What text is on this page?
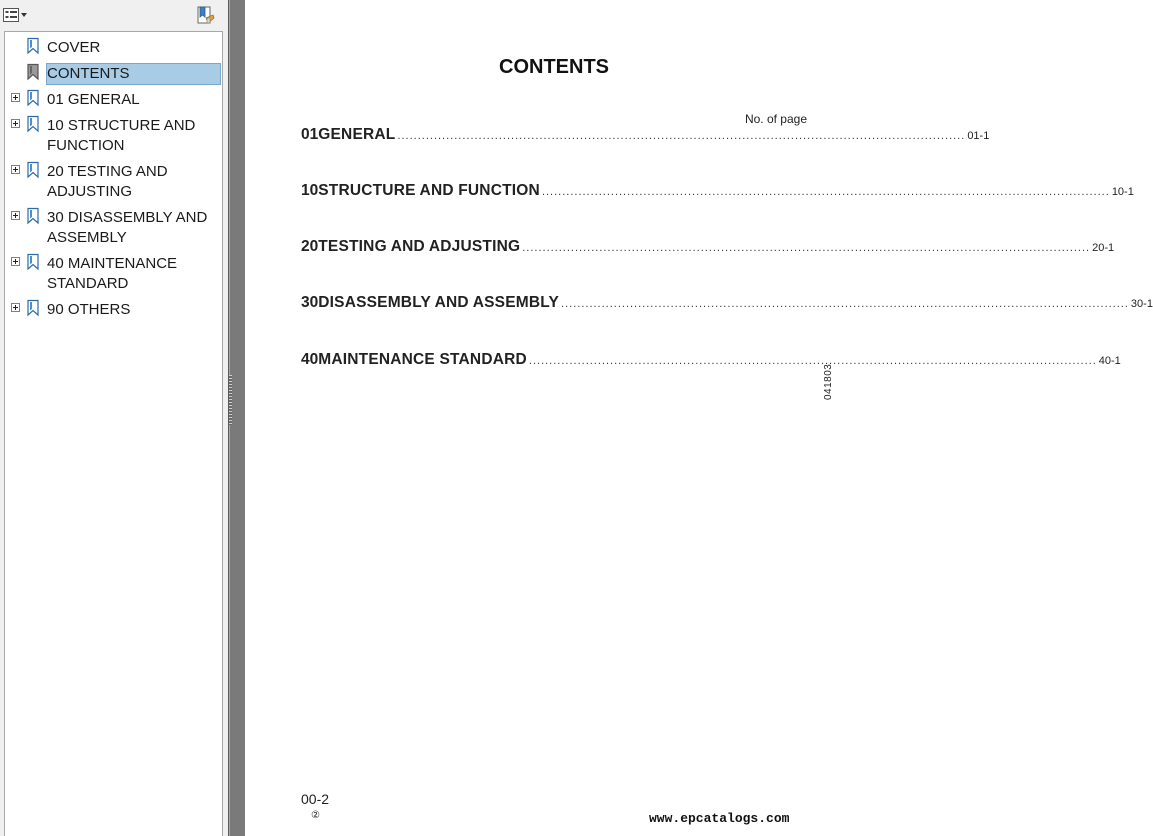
COVER
CONTENTS
01 GENERAL
10 STRUCTURE AND FUNCTION
20 TESTING AND ADJUSTING
30 DISASSEMBLY AND ASSEMBLY
40 MAINTENANCE STANDARD
90 OTHERS
CONTENTS
No. of page
01 GENERAL ............................................................................................................................................ 01-1
10 STRUCTURE AND FUNCTION ............................................................................................................................................ 10-1
20 TESTING AND ADJUSTING ............................................................................................................................................ 20-1
30 DISASSEMBLY AND ASSEMBLY ............................................................................................................................................ 30-1
40 MAINTENANCE STANDARD ............................................................................................................................................ 40-1
041803
00-2
②	www.epcatalogs.com
